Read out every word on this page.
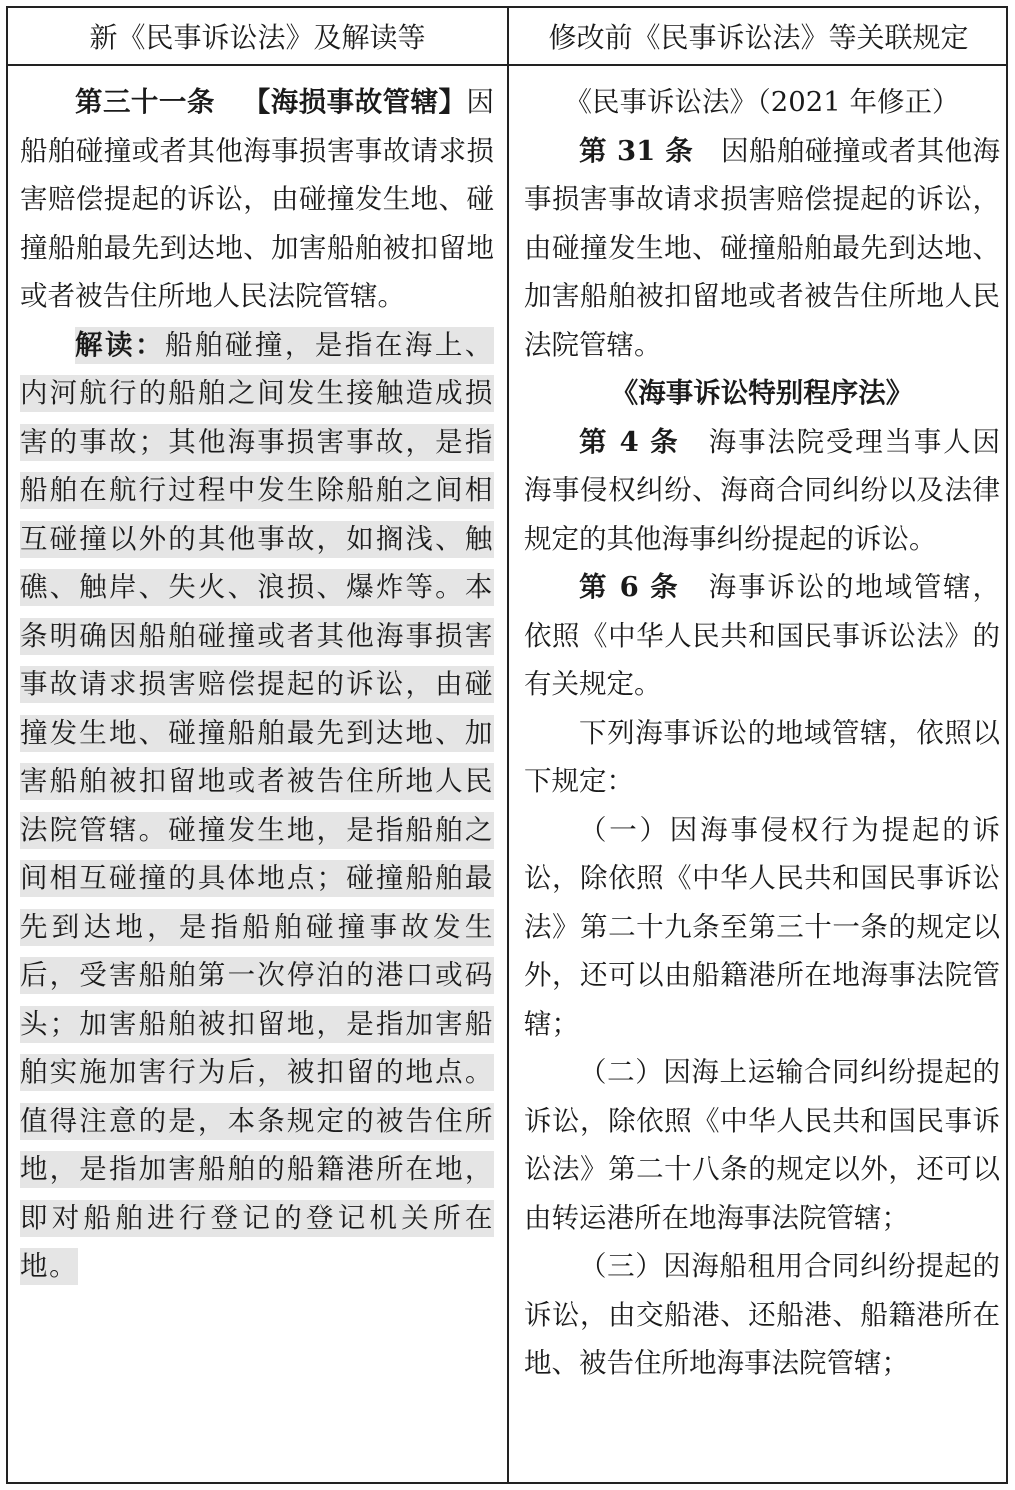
新《民事诉讼法》及解读等	修改前《民事诉讼法》等关联规定

第三十一条 【海损事故管辖】因船舶碰撞或者其他海事损害事故请求损害赔偿提起的诉讼，由碰撞发生地、碰撞船舶最先到达地、加害船舶被扣留地或者被告住所地人民法院管辖。

解读：船舶碰撞，是指在海上、内河航行的船舶之间发生接触造成损害的事故；其他海事损害事故，是指船舶在航行过程中发生除船舶之间相互碰撞以外的其他事故，如搁浅、触礁、触岸、失火、浪损、爆炸等。本条明确因船舶碰撞或者其他海事损害事故请求损害赔偿提起的诉讼，由碰撞发生地、碰撞船舶最先到达地、加害船舶被扣留地或者被告住所地人民法院管辖。碰撞发生地，是指船舶之间相互碰撞的具体地点；碰撞船舶最先到达地，是指船舶碰撞事故发生后，受害船舶第一次停泊的港口或码头；加害船舶被扣留地，是指加害船舶实施加害行为后，被扣留的地点。值得注意的是，本条规定的被告住所地，是指加害船舶的船籍港所在地，即对船舶进行登记的登记机关所在地。

《民事诉讼法》（2021 年修正）

第 31 条 因船舶碰撞或者其他海事损害事故请求损害赔偿提起的诉讼，由碰撞发生地、碰撞船舶最先到达地、加害船舶被扣留地或者被告住所地人民法院管辖。

《海事诉讼特别程序法》

第 4 条 海事法院受理当事人因海事侵权纠纷、海商合同纠纷以及法律规定的其他海事纠纷提起的诉讼。

第 6 条 海事诉讼的地域管辖，依照《中华人民共和国民事诉讼法》的有关规定。

下列海事诉讼的地域管辖，依照以下规定：

（一）因海事侵权行为提起的诉讼，除依照《中华人民共和国民事诉讼法》第二十九条至第三十一条的规定以外，还可以由船籍港所在地海事法院管辖；

（二）因海上运输合同纠纷提起的诉讼，除依照《中华人民共和国民事诉讼法》第二十八条的规定以外，还可以由转运港所在地海事法院管辖；

（三）因海船租用合同纠纷提起的诉讼，由交船港、还船港、船籍港所在地、被告住所地海事法院管辖；
